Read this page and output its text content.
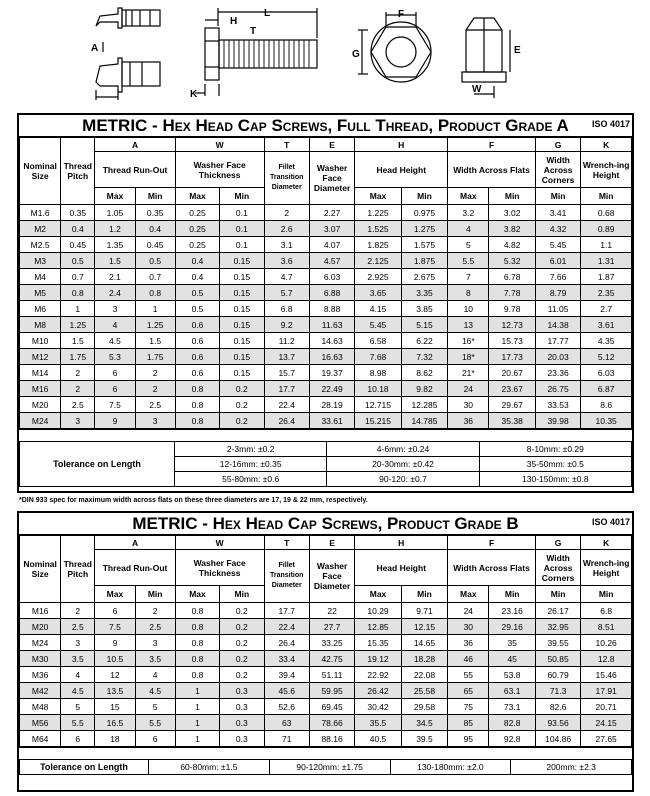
A
K
H
L
T
F
G	E
W
METRIC - Hex Head Cap Screws, Full Thread, Product Grade A	ISO 4017
Nominal Size	Thread Pitch	A		W		T	E	H		F		G	K
		Thread Run-Out		Washer Face Thickness		Fillet Transition Diameter	Washer Face Diameter	Head Height		Width Across Flats		Width Across Corners	Wrench-ing Height
		Max	Min	Max	Min			Max	Min	Max	Min	Min	Min
M1.6	0.35	1.05	0.35	0.25	0.1	2	2.27	1.225	0.975	3.2	3.02	3.41	0.68
M2	0.4	1.2	0.4	0.25	0.1	2.6	3.07	1.525	1.275	4	3.82	4.32	0.89
M2.5	0.45	1.35	0.45	0.25	0.1	3.1	4.07	1.825	1.575	5	4.82	5.45	1.1
M3	0.5	1.5	0.5	0.4	0.15	3.6	4.57	2.125	1.875	5.5	5.32	6.01	1.31
M4	0.7	2.1	0.7	0.4	0.15	4.7	6.03	2.925	2.675	7	6.78	7.66	1.87
M5	0.8	2.4	0.8	0.5	0.15	5.7	6.88	3.65	3.35	8	7.78	8.79	2.35
M6	1	3	1	0.5	0.15	6.8	8.88	4.15	3.85	10	9.78	11.05	2.7
M8	1.25	4	1.25	0.6	0.15	9.2	11.63	5.45	5.15	13	12.73	14.38	3.61
M10	1.5	4.5	1.5	0.6	0.15	11.2	14.63	6.58	6.22	16*	15.73	17.77	4.35
M12	1.75	5.3	1.75	0.6	0.15	13.7	16.63	7.68	7.32	18*	17.73	20.03	5.12
M14	2	6	2	0.6	0.15	15.7	19.37	8.98	8.62	21*	20.67	23.36	6.03
M16	2	6	2	0.8	0.2	17.7	22.49	10.18	9.82	24	23.67	26.75	6.87
M20	2.5	7.5	2.5	0.8	0.2	22.4	28.19	12.715	12.285	30	29.67	33.53	8.6
M24	3	9	3	0.8	0.2	26.4	33.61	15.215	14.785	36	35.38	39.98	10.35
Tolerance on Length	2-3mm: ±0.2	4-6mm: ±0.24	8-10mm: ±0.29
	12-16mm: ±0.35	20-30mm: ±0.42	35-50mm: ±0.5
	55-80mm: ±0.6	90-120: ±0.7	130-150mm: ±0.8
*DIN 933 spec for maximum width across flats on these three diameters are 17, 19 & 22 mm, respectively.
METRIC - Hex Head Cap Screws, Product Grade B	ISO 4017
Nominal Size	Thread Pitch	A		W		T	E	H		F		G	K
		Thread Run-Out		Washer Face Thickness		Fillet Transition Diameter	Washer Face Diameter	Head Height		Width Across Flats		Width Across Corners	Wrench-ing Height
		Max	Min	Max	Min			Max	Min	Max	Min	Min	Min
M16	2	6	2	0.8	0.2	17.7	22	10.29	9.71	24	23.16	26.17	6.8
M20	2.5	7.5	2.5	0.8	0.2	22.4	27.7	12.85	12.15	30	29.16	32.95	8.51
M24	3	9	3	0.8	0.2	26.4	33.25	15.35	14.65	36	35	39.55	10.26
M30	3.5	10.5	3.5	0.8	0.2	33.4	42.75	19.12	18.28	46	45	50.85	12.8
M36	4	12	4	0.8	0.2	39.4	51.11	22.92	22.08	55	53.8	60.79	15.46
M42	4.5	13.5	4.5	1	0.3	45.6	59.95	26.42	25.58	65	63.1	71.3	17.91
M48	5	15	5	1	0.3	52.6	69.45	30.42	29.58	75	73.1	82.6	20.71
M56	5.5	16.5	5.5	1	0.3	63	78.66	35.5	34.5	85	82.8	93.56	24.15
M64	6	18	6	1	0.3	71	88.16	40.5	39.5	95	92.8	104.86	27.65
Tolerance on Length	60-80mm: ±1.5	90-120mm: ±1.75	130-180mm: ±2.0	200mm: ±2.3
